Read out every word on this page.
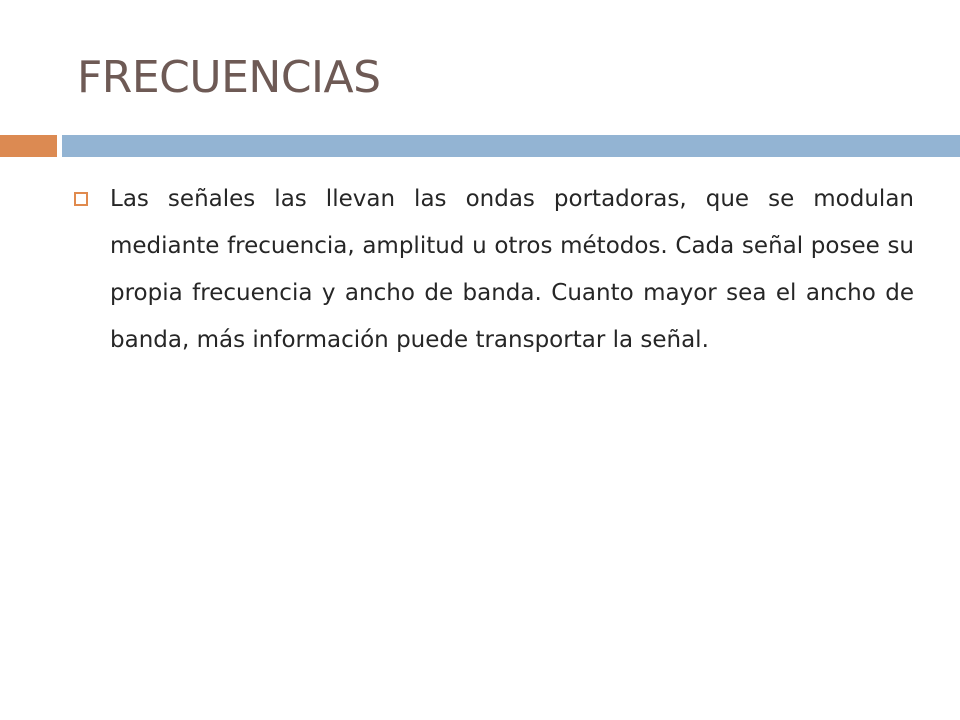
FRECUENCIAS
Las señales las llevan las ondas portadoras, que se modulan mediante frecuencia, amplitud u otros métodos. Cada señal posee su propia frecuencia y ancho de banda. Cuanto mayor sea el ancho de banda, más información puede transportar la señal.
